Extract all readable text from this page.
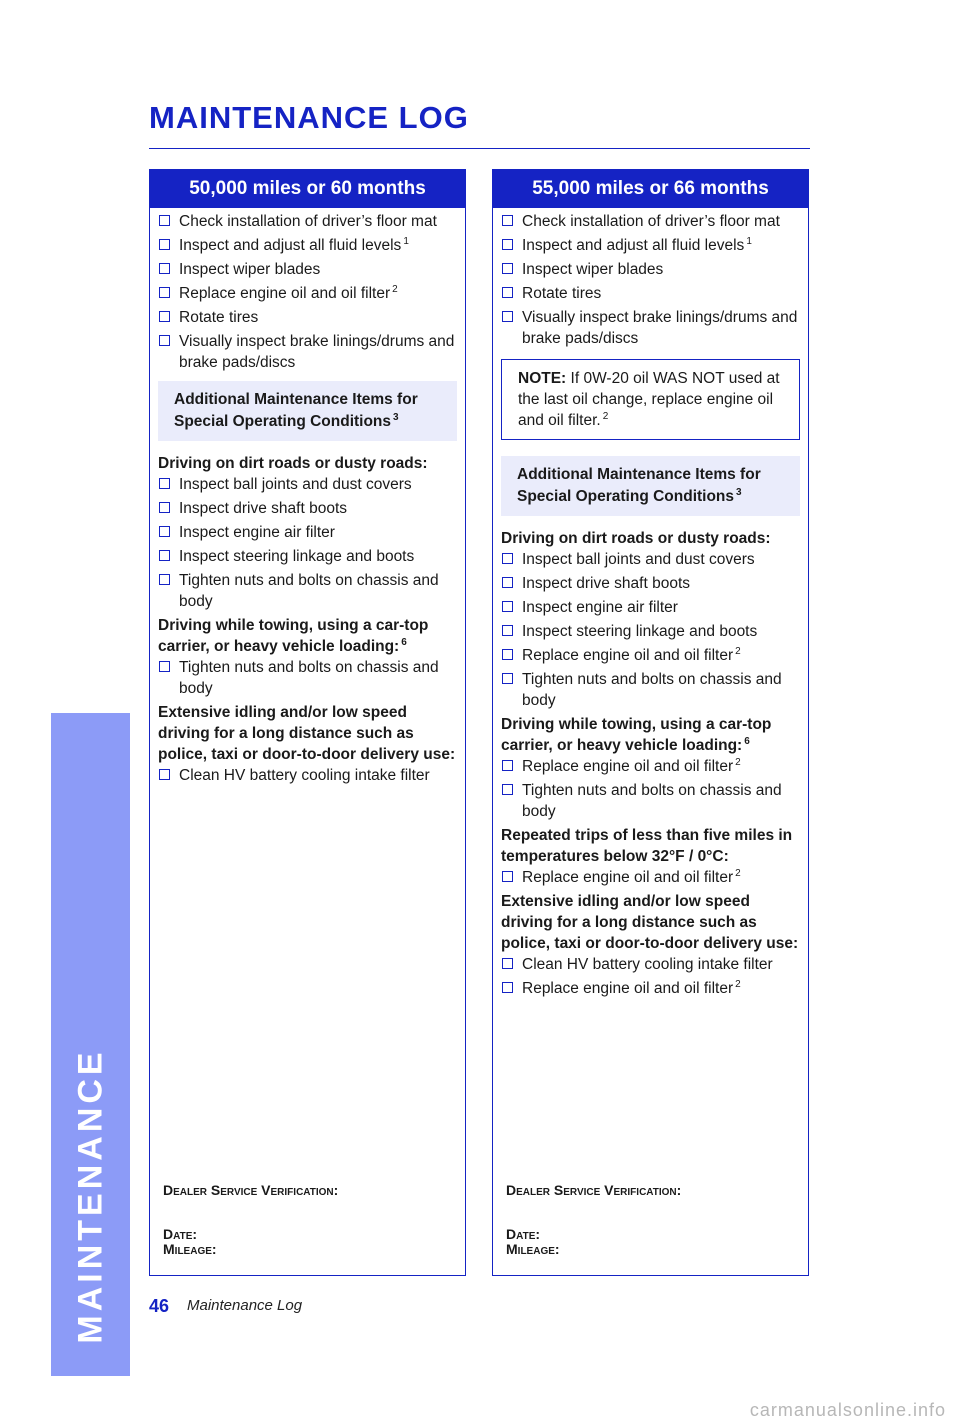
MAINTENANCE
MAINTENANCE LOG
50,000 miles or 60 months
Check installation of driver’s floor mat
Inspect and adjust all fluid levels $^1$
Inspect wiper blades
Replace engine oil and oil filter $^2$
Rotate tires
Visually inspect brake linings/drums and brake pads/discs
Additional Maintenance Items for Special Operating Conditions $^3$
Driving on dirt roads or dusty roads:
Inspect ball joints and dust covers
Inspect drive shaft boots
Inspect engine air filter
Inspect steering linkage and boots
Tighten nuts and bolts on chassis and body
Driving while towing, using a car-top carrier, or heavy vehicle loading: $^6$
Tighten nuts and bolts on chassis and body
Extensive idling and/or low speed driving for a long distance such as police, taxi or door-to-door delivery use:
Clean HV battery cooling intake filter
Dealer Service Verification:
Date:
Mileage:
55,000 miles or 66 months
Check installation of driver’s floor mat
Inspect and adjust all fluid levels $^1$
Inspect wiper blades
Rotate tires
Visually inspect brake linings/drums and brake pads/discs
NOTE: If 0W-20 oil WAS NOT used at the last oil change, replace engine oil and oil filter. $^2$
Additional Maintenance Items for Special Operating Conditions $^3$
Driving on dirt roads or dusty roads:
Inspect ball joints and dust covers
Inspect drive shaft boots
Inspect engine air filter
Inspect steering linkage and boots
Replace engine oil and oil filter $^2$
Tighten nuts and bolts on chassis and body
Driving while towing, using a car-top carrier, or heavy vehicle loading: $^6$
Replace engine oil and oil filter $^2$
Tighten nuts and bolts on chassis and body
Repeated trips of less than five miles in temperatures below 32°F / 0°C:
Replace engine oil and oil filter $^2$
Extensive idling and/or low speed driving for a long distance such as police, taxi or door-to-door delivery use:
Clean HV battery cooling intake filter
Replace engine oil and oil filter $^2$
Dealer Service Verification:
Date:
Mileage:
46 Maintenance Log
carmanualsonline.info
